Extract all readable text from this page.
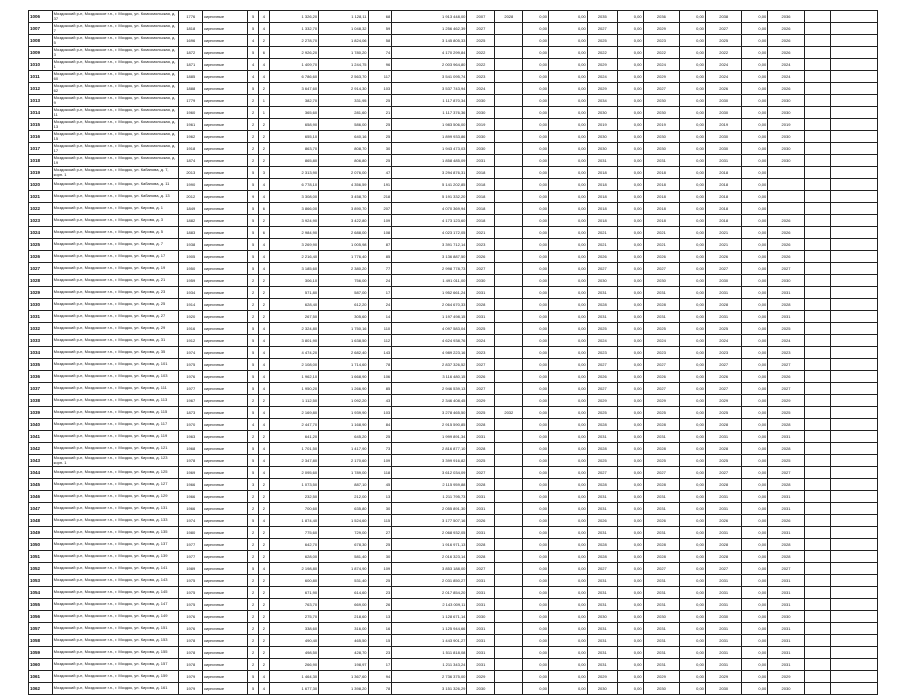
1006	Моздокский р-н, Моздокское г.п., г. Моздок, ул. Комсомольская, д. 37	1776	кирпичные	5	4	1 326,20	1 128,11	68	1 913 448,00	2007	2028	0,00	0,00	2035	0,00	2036	0,00	2038	0,00	2036		
1007	Моздокский р-н, Моздокское г.п., г. Моздок, ул. Комсомольская, д. 7	1818	кирпичные	5	4	1 332,70	1 048,32	59	1 256 462,39	2027		0,00	0,00	2027	0,00	2029	0,00	2027	0,00	2026		
1008	Моздокский р-н, Моздокское г.п., г. Моздок, ул. Комсомольская, д. 5	1696	кирпичные	4	2	2 278,70	1 824,06	58	3 145 805,33	2025		0,00	0,00	2025	0,00	2023	0,00	2025	0,00	2026		
1009	Моздокский р-н, Моздокское г.п., г. Моздок, ул. Комсомольская, д. 3	1872	кирпичные	5	6	2 926,20	1 780,20	74	4 170 299,84	2022		0,00	0,00	2022	0,00	2022	0,00	2022	0,00	2026		
1010	Моздокский р-н, Моздокское г.п., г. Моздок, ул. Комсомольская, д. 1	1871	кирпичные	4	4	1 409,70	1 244,75	96	2 003 964,80	2022		0,00	0,00	2029	0,00	2024	0,00	2024	0,00	2024		
1011	Моздокский р-н, Моздокское г.п., г. Моздок, ул. Комсомольская, д. 60	1885	кирпичные	4	4	6 786,60	2 563,70	117	3 541 095,74	2023		0,00	0,00	2024	0,00	2029	0,00	2024	0,00	2024		
1012	Моздокский р-н, Моздокское г.п., г. Моздок, ул. Комсомольская, д. 62	1888	кирпичные	5	2	3 647,60	2 914,30	103	3 537 743,94	2024		0,00	0,00	2029	0,00	2027	0,00	2026	0,00	2026		
1013	Моздокский р-н, Моздокское г.п., г. Моздок, ул. Комсомольская, д. 9	1779	кирпичные	2	1	382,70	331,95	25	1 117 870,34	2030		0,00	0,00	2034	0,00	2030	0,00	2030	0,00	2030		
1014	Моздокский р-н, Моздокское г.п., г. Моздок, ул. Комсомольская, д. 11	1960	кирпичные	2	1	365,60	281,60	21	1 117 376,36	2030		0,00	0,00	2030	0,00	2030	0,00	2030	0,00	2030		
1015	Моздокский р-н, Моздокское г.п., г. Моздок, ул. Комсомольская, д. 13	1961	кирпичные	2	2	658,90	586,00	25	1 983 506,00	2019		0,00	0,00	2019	0,00	2019	0,00	2019	0,00	2019		
1016	Моздокский р-н, Моздокское г.п., г. Моздок, ул. Комсомольская, д. 15	1962	кирпичные	2	2	655,10	640,16	25	1 899 933,86	2030		0,00	0,00	2030	0,00	2030	0,00	2030	0,00	2030		
1017	Моздокский р-н, Моздокское г.п., г. Моздок, ул. Комсомольская, д. 17	1918	кирпичные	2	2	863,70	808,70	30	1 943 473,03	2030		0,00	0,00	2030	0,00	2030	0,00	2030	0,00	2030		
1018	Моздокский р-н, Моздокское г.п., г. Моздок, ул. Комсомольская, д. 19	1874	кирпичные	2	2	865,80	806,80	25	1 858 485,09	2031		0,00	0,00	2031	0,00	2031	0,00	2031	0,00	2030		
1019	Моздокский р-н, Моздокское г.п., г. Моздок, ул. Кабанова, д. 7, корп. 1	2013	кирпичные	5	3	2 313,90	2 076,00	47	3 294 876,31	2018		0,00	0,00	2018	0,00	2018	0,00	2018	0,00			
1020	Моздокский р-н, Моздокское г.п., г. Моздок, ул. Кабанова, д. 11	1990	кирпичные	5	4	6 778,10	4 356,59	191	5 141 202,85	2018		0,00	0,00	2018	0,00	2018	0,00	2018	0,00			
1021	Моздокский р-н, Моздокское г.п., г. Моздок, ул. Кабанова, д. 13	2012	кирпичные	9	4	3 308,00	3 458,70	218	5 191 332,20	2018		0,00	0,00	2018	0,00	2018	0,00	2018	0,00			
1022	Моздокский р-н, Моздокское г.п., г. Моздок, ул. Кирова, д. 1	1849	кирпичные	5	6	3 866,00	3 890,70	207	4 070 369,94	2018		0,00	0,00	2018	0,00	2018	0,00	2018	0,00			
1023	Моздокский р-н, Моздокское г.п., г. Моздок, ул. Кирова, д. 3	1882	кирпичные	5	2	3 924,90	3 422,80	109	4 173 123,60	2018		0,00	0,00	2018	0,00	2018	0,00	2018	0,00	2026		
1024	Моздокский р-н, Моздокское г.п., г. Моздок, ул. Кирова, д. 5	1883	кирпичные	5	6	2 984,90	2 688,00	108	4 023 172,05	2021		0,00	0,00	2021	0,00	2021	0,00	2021	0,00	2026		
1025	Моздокский р-н, Моздокское г.п., г. Моздок, ул. Кирова, д. 7	1938	кирпичные	5	4	3 269,90	1 005,98	87	3 391 712,14	2023		0,00	0,00	2021	0,00	2021	0,00	2021	0,00	2026		
1026	Моздокский р-н, Моздокское г.п., г. Моздок, ул. Кирова, д. 17	1905	кирпичные	5	4	2 216,40	1 776,40	85	3 136 887,50	2026		0,00	0,00	2026	0,00	2026	0,00	2026	0,00	2026		
1027	Моздокский р-н, Моздокское г.п., г. Моздок, ул. Кирова, д. 19	1950	кирпичные	5	4	3 185,60	2 380,20	77	2 998 778,73	2027		0,00	0,00	2027	0,00	2027	0,00	2027	0,00	2027		
1028	Моздокский р-н, Моздокское г.п., г. Моздок, ул. Кирова, д. 21	1959	кирпичные	2	2	306,10	756,00	24	1 491 011,00	2030		0,00	0,00	2030	0,00	2030	0,00	2030	0,00	2030		
1029	Моздокский р-н, Моздокское г.п., г. Моздок, ул. Кирова, д. 23	1934	кирпичные	2	2	571,80	587,00	17	1 952 661,24	2031		0,00	0,00	2031	0,00	2031	0,00	2031	0,00	2031		
1030	Моздокский р-н, Моздокское г.п., г. Моздок, ул. Кирова, д. 25	1914	кирпичные	2	2	628,40	612,20	24	2 064 670,33	2028		0,00	0,00	2028	0,00	2028	0,00	2028	0,00	2028		
1031	Моздокский р-н, Моздокское г.п., г. Моздок, ул. Кирова, д. 27	1920	кирпичные	2	2	267,50	305,60	14	1 197 498,15	2031		0,00	0,00	2031	0,00	2031	0,00	2031	0,00	2031		
1032	Моздокский р-н, Моздокское г.п., г. Моздок, ул. Кирова, д. 29	1916	кирпичные	5	4	2 324,80	1 750,16	110	4 097 583,04	2025		0,00	0,00	2025	0,00	2025	0,00	2025	0,00	2025		
1033	Моздокский р-н, Моздокское г.п., г. Моздок, ул. Кирова, д. 31	1912	кирпичные	5	4	3 801,90	1 638,50	112	4 624 938,76	2024		0,00	0,00	2024	0,00	2024	0,00	2024	0,00	2024		
1034	Моздокский р-н, Моздокское г.п., г. Моздок, ул. Кирова, д. 35	1974	кирпичные	5	4	4 474,20	2 682,40	143	4 989 223,16	2023		0,00	0,00	2023	0,00	2023	0,00	2023	0,00	2023		
1035	Моздокский р-н, Моздокское г.п., г. Моздок, ул. Кирова, д. 101	1975	кирпичные	5	4	2 108,00	1 714,60	78	2 837 326,52	2027		0,00	0,00	2027	0,00	2027	0,00	2027	0,00	2027		
1036	Моздокский р-н, Моздокское г.п., г. Моздок, ул. Кирова, д. 103	1976	кирпичные	5	4	1 962,10	1 668,90	106	3 116 480,15	2026		0,00	0,00	2026	0,00	2026	0,00	2026	0,00	2026		
1037	Моздокский р-н, Моздокское г.п., г. Моздок, ул. Кирова, д. 111	1977	кирпичные	5	4	1 950,20	1 266,90	85	2 946 539,13	2027		0,00	0,00	2027	0,00	2027	0,00	2027	0,00	2027		
1038	Моздокский р-н, Моздокское г.п., г. Моздок, ул. Кирова, д. 113	1967	кирпичные	2	2	1 112,50	1 092,20	43	2 346 408,45	2029		0,00	0,00	2029	0,00	2029	0,00	2029	0,00	2029		
1039	Моздокский р-н, Моздокское г.п., г. Моздок, ул. Кирова, д. 115	1873	кирпичные	5	4	2 169,80	1 939,90	103	3 278 465,50	2025	2032	0,00	0,00	2025	0,00	2025	0,00	2025	0,00	2025		
1040	Моздокский р-н, Моздокское г.п., г. Моздок, ул. Кирова, д. 117	1970	кирпичные	4	4	2 447,70	1 168,90	84	2 915 590,85	2028		0,00	0,00	2028	0,00	2028	0,00	2028	0,00	2028		
1041	Моздокский р-н, Моздокское г.п., г. Моздок, ул. Кирова, д. 119	1963	кирпичные	2	2	641,20	645,20	25	1 999 891,34	2031		0,00	0,00	2031	0,00	2031	0,00	2031	0,00	2031		
1042	Моздокский р-н, Моздокское г.п., г. Моздок, ул. Кирова, д. 121	1968	кирпичные	5	4	1 701,50	1 417,90	73	2 816 877,10	2028		0,00	0,00	2028	0,00	2028	0,00	2028	0,00	2028		
1043	Моздокский р-н, Моздокское г.п., г. Моздок, ул. Кирова, д. 123 корп. 1	1978	кирпичные	5	4	2 347,80	2 170,60	109	3 399 916,82	2025		0,00	0,00	2025	0,00	2025	0,00	2025	0,00	2025		
1044	Моздокский р-н, Моздокское г.п., г. Моздок, ул. Кирова, д. 125	1969	кирпичные	5	4	2 095,60	1 789,00	118	3 612 034,09	2027		0,00	0,00	2027	0,00	2027	0,00	2027	0,00	2027		
1045	Моздокский р-н, Моздокское г.п., г. Моздок, ул. Кирова, д. 127	1966	кирпичные	3	2	1 073,50	887,10	45	2 115 959,88	2028		0,00	0,00	2028	0,00	2028	0,00	2028	0,00	2028		
1046	Моздокский р-н, Моздокское г.п., г. Моздок, ул. Кирова, д. 129	1966	кирпичные	2	2	232,50	212,00	13	1 211 795,73	2031		0,00	0,00	2031	0,00	2031	0,00	2031	0,00	2031		
1047	Моздокский р-н, Моздокское г.п., г. Моздок, ул. Кирова, д. 131	1966	кирпичные	2	2	700,60	635,80	30	2 055 891,30	2031		0,00	0,00	2031	0,00	2031	0,00	2031	0,00	2031		
1048	Моздокский р-н, Моздокское г.п., г. Моздок, ул. Кирова, д. 133	1974	кирпичные	5	4	1 874,40	1 524,60	115	3 177 507,16	2026		0,00	0,00	2026	0,00	2026	0,00	2026	0,00	2026		
1049	Моздокский р-н, Моздокское г.п., г. Моздок, ул. Кирова, д. 135	1980	кирпичные	2	2	775,60	729,00	27	2 068 932,05	2031		0,00	0,00	2031	0,00	2031	0,00	2031	0,00	2031		
1050	Моздокский р-н, Моздокское г.п., г. Моздок, ул. Кирова, д. 137	1977	кирпичные	2	2	642,70	678,30	25	1 916 971,13	2028		0,00	0,00	2028	0,00	2028	0,00	2028	0,00	2028		
1051	Моздокский р-н, Моздокское г.п., г. Моздок, ул. Кирова, д. 139	1977	кирпичные	2	2	628,00	581,40	30	2 016 323,14	2028		0,00	0,00	2028	0,00	2028	0,00	2028	0,00	2028		
1052	Моздокский р-н, Моздокское г.п., г. Моздок, ул. Кирова, д. 141	1989	кирпичные	5	4	2 198,80	1 874,90	109	3 853 188,00	2027		0,00	0,00	2027	0,00	2027	0,00	2027	0,00	2027		
1053	Моздокский р-н, Моздокское г.п., г. Моздок, ул. Кирова, д. 143	1975	кирпичные	2	2	600,80	531,40	25	2 031 850,27	2031		0,00	0,00	2031	0,00	2031	0,00	2031	0,00	2031		
1054	Моздокский р-н, Моздокское г.п., г. Моздок, ул. Кирова, д. 145	1975	кирпичные	2	2	671,90	614,60	23	2 017 854,20	2031		0,00	0,00	2031	0,00	2031	0,00	2031	0,00	2031		
1055	Моздокский р-н, Моздокское г.п., г. Моздок, ул. Кирова, д. 147	1975	кирпичные	2	2	763,70	669,00	26	2 143 009,11	2031		0,00	0,00	2031	0,00	2031	0,00	2031	0,00	2031		
1056	Моздокский р-н, Моздокское г.п., г. Моздок, ул. Кирова, д. 149	1976	кирпичные	2	2	275,70	218,60	13	1 128 671,14	2030		0,00	0,00	2030	0,00	2030	0,00	2030	0,00	2030		
1057	Моздокский р-н, Моздокское г.п., г. Моздок, ул. Кирова, д. 151	1976	кирпичные	2	2	338,60	316,00	16	1 125 944,66	2031		0,00	0,00	2031	0,00	2031	0,00	2031	0,00	2031		
1058	Моздокский р-н, Моздокское г.п., г. Моздок, ул. Кирова, д. 153	1978	кирпичные	2	2	490,40	465,50	15	1 443 901,27	2031		0,00	0,00	2031	0,00	2031	0,00	2031	0,00	2031		
1059	Моздокский р-н, Моздокское г.п., г. Моздок, ул. Кирова, д. 155	1978	кирпичные	2	2	498,50	428,70	23	1 511 818,08	2031		0,00	0,00	2031	0,00	2031	0,00	2031	0,00	2031		
1060	Моздокский р-н, Моздокское г.п., г. Моздок, ул. Кирова, д. 157	1978	кирпичные	2	2	266,90	198,97	17	1 211 343,24	2031		0,00	0,00	2031	0,00	2031	0,00	2031	0,00	2031		
1061	Моздокский р-н, Моздокское г.п., г. Моздок, ул. Кирова, д. 159	1979	кирпичные	5	4	1 464,30	1 367,60	94	2 736 375,00	2029		0,00	0,00	2029	0,00	2029	0,00	2029	0,00	2029		
1062	Моздокский р-н, Моздокское г.п., г. Моздок, ул. Кирова, д. 161	1979	кирпичные	5	4	1 677,30	1 398,20	78	3 151 326,29	2030		0,00	0,00	2030	0,00	2030	0,00	2030	0,00	2030		
